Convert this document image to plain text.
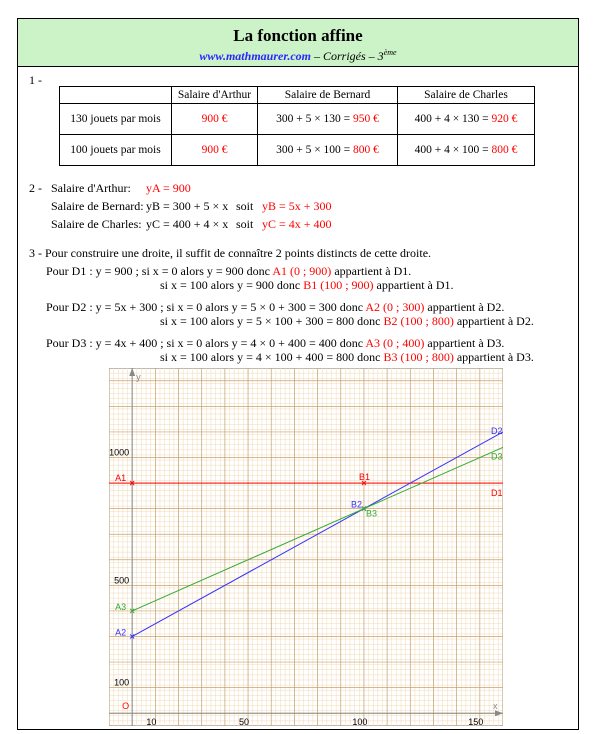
La fonction affine
www.mathmaurer.com – Corrigés – 3ème
1 -
	Salaire d'Arthur	Salaire de Bernard	Salaire de Charles
130 jouets par mois	900 €	300 + 5 × 130 = 950 €	400 + 4 × 130 = 920 €
100 jouets par mois	900 €	300 + 5 × 100 = 800 €	400 + 4 × 100 = 800 €
2 - Salaire d'Arthur: yA = 900
Salaire de Bernard: yB = 300 + 5 × x soit yB = 5x + 300
Salaire de Charles: yC = 400 + 4 × x soit yC = 4x + 400
3 - Pour construire une droite, il suffit de connaître 2 points distincts de cette droite.
Pour D1 : y = 900 ; si x = 0 alors y = 900 donc A1 (0 ; 900) appartient à D1.
si x = 100 alors y = 900 donc B1 (100 ; 900) appartient à D1.
Pour D2 : y = 5x + 300 ; si x = 0 alors y = 5 × 0 + 300 = 300 donc A2 (0 ; 300) appartient à D2.
si x = 100 alors y = 5 × 100 + 300 = 800 donc B2 (100 ; 800) appartient à D2.
Pour D3 : y = 4x + 400 ; si x = 0 alors y = 4 × 0 + 400 = 400 donc A3 (0 ; 400) appartient à D3.
si x = 100 alors y = 4 × 100 + 400 = 800 donc B3 (100 ; 800) appartient à D3.
y
x
O
10	50	100	150
100
500
1000
D1
D2
D3
A1	B1
A2
B2
A3
B3
